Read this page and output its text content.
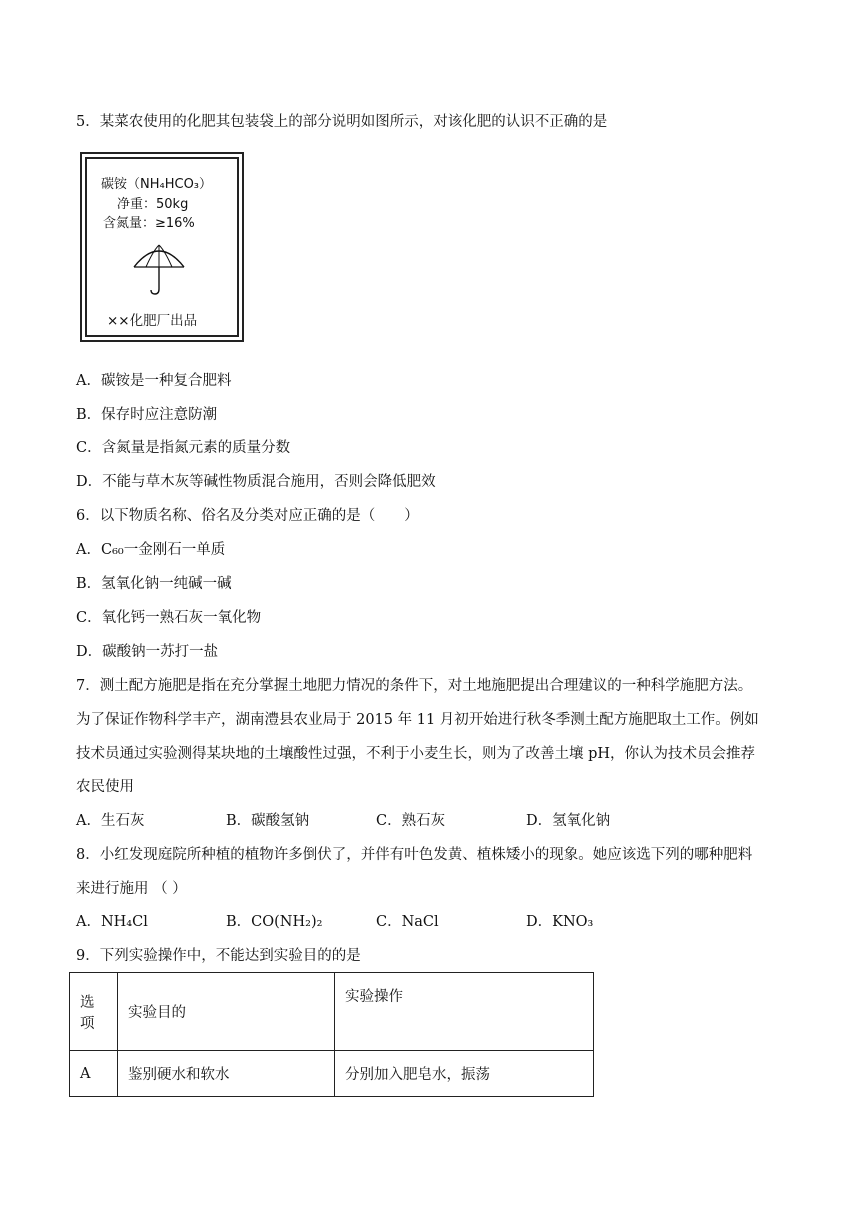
5．某菜农使用的化肥其包装袋上的部分说明如图所示，对该化肥的认识不正确的是
碳铵（NH₄HCO₃）
净重：50kg
含氮量：≥16%
××化肥厂出品
A．碳铵是一种复合肥料
B．保存时应注意防潮
C．含氮量是指氮元素的质量分数
D．不能与草木灰等碱性物质混合施用，否则会降低肥效
6．以下物质名称、俗名及分类对应正确的是（　　）
A．C₆₀一金刚石一单质
B．氢氧化钠一纯碱一碱
C．氧化钙一熟石灰一氧化物
D．碳酸钠一苏打一盐
7．测土配方施肥是指在充分掌握土地肥力情况的条件下，对土地施肥提出合理建议的一种科学施肥方法。
为了保证作物科学丰产，湖南澧县农业局于 2015 年 11 月初开始进行秋冬季测土配方施肥取土工作。例如
技术员通过实验测得某块地的土壤酸性过强，不利于小麦生长，则为了改善土壤 pH，你认为技术员会推荐
农民使用
A．生石灰	B．碳酸氢钠	C．熟石灰	D．氢氧化钠
8．小红发现庭院所种植的植物许多倒伏了，并伴有叶色发黄、植株矮小的现象。她应该选下列的哪种肥料
来进行施用 （ ）
A．NH₄Cl	B．CO(NH₂)₂	C．NaCl	D．KNO₃
9．下列实验操作中，不能达到实验目的的是
选项	实验目的	实验操作
A	鉴别硬水和软水	分别加入肥皂水，振荡
